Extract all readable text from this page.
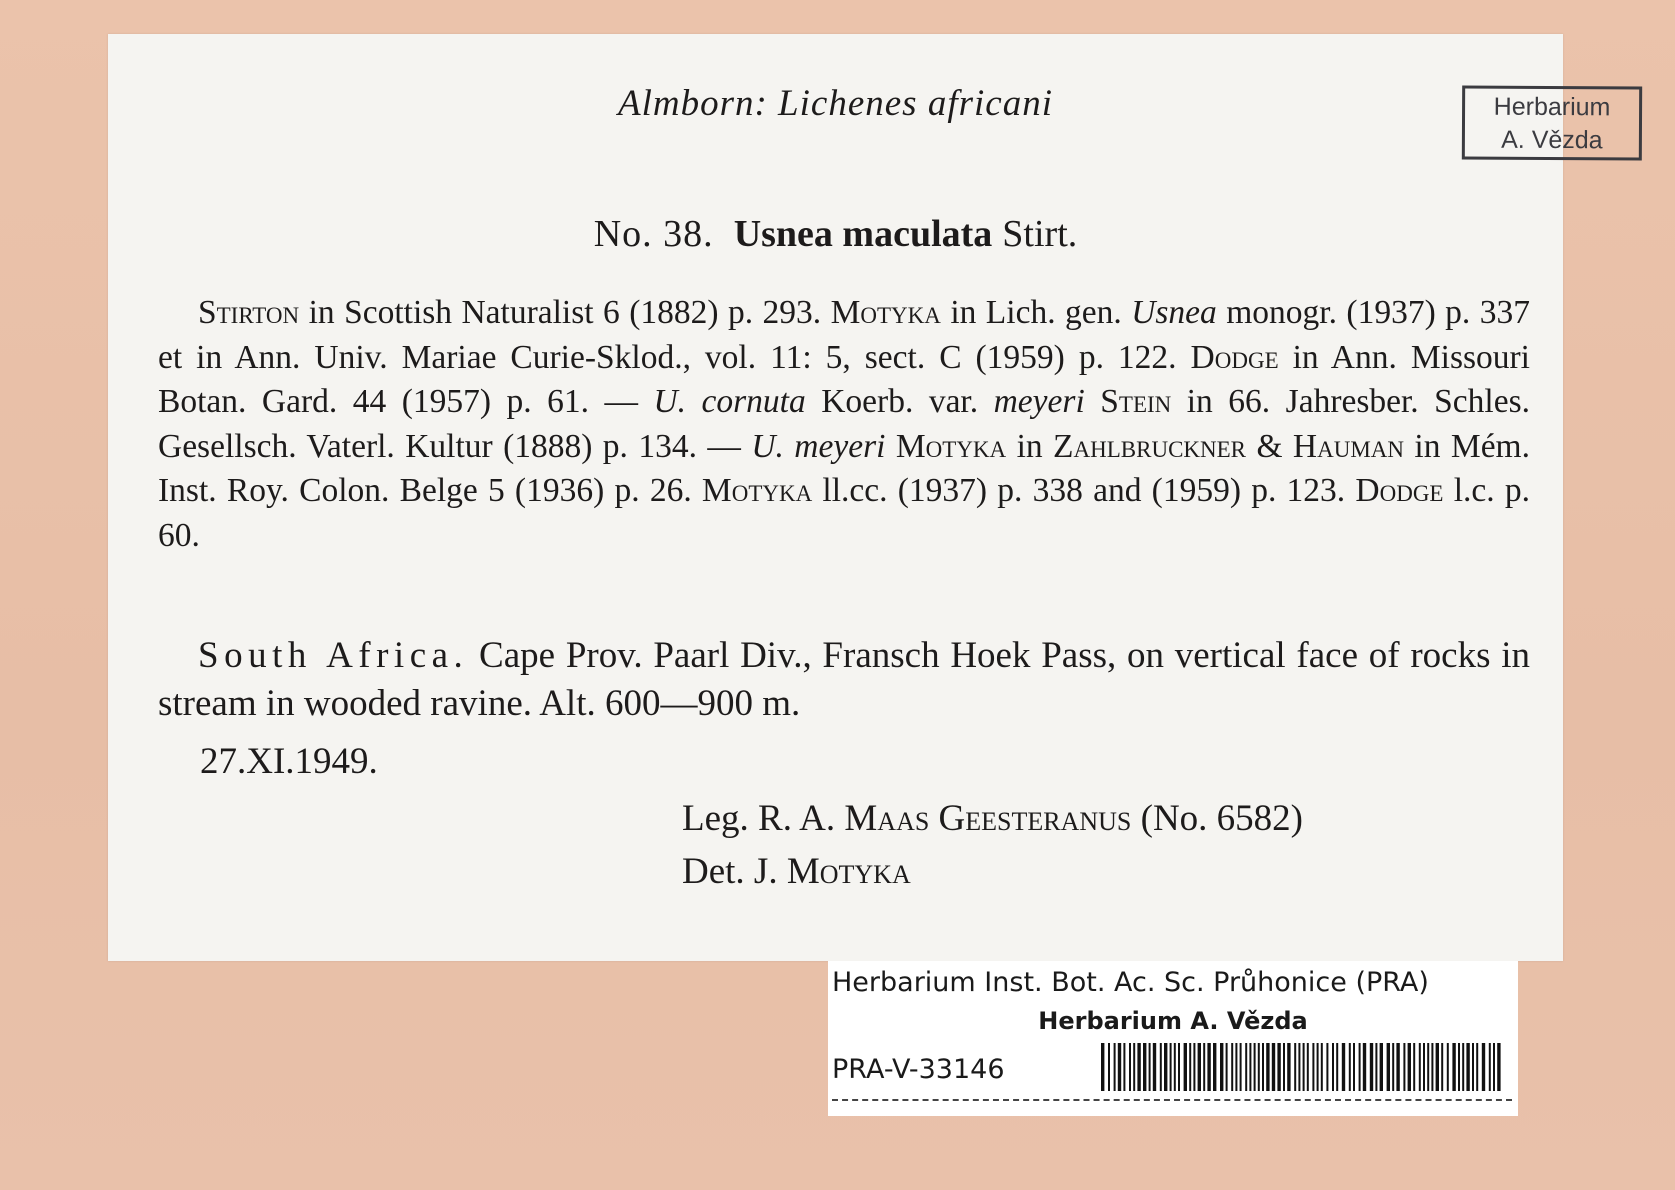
Almborn: Lichenes africani
No. 38. Usnea maculata Stirt.

Stirton in Scottish Naturalist 6 (1882) p. 293. Motyka in Lich. gen. Usnea monogr. (1937) p. 337 et in Ann. Univ. Mariae Curie-Sklod., vol. 11: 5, sect. C (1959) p. 122. Dodge in Ann. Missouri Botan. Gard. 44 (1957) p. 61. — U. cornuta Koerb. var. meyeri Stein in 66. Jahresber. Schles. Gesellsch. Vaterl. Kultur (1888) p. 134. — U. meyeri Motyka in Zahlbruckner & Hauman in Mém. Inst. Roy. Colon. Belge 5 (1936) p. 26. Motyka ll.cc. (1937) p. 338 and (1959) p. 123. Dodge l.c. p. 60.

South Africa. Cape Prov. Paarl Div., Fransch Hoek Pass, on vertical face of rocks in stream in wooded ravine. Alt. 600—900 m.

27.XI.1949.
Leg. R. A. Maas Geesteranus (No. 6582)
Det. J. Motyka
Herbarium
A. Vězda
Herbarium Inst. Bot. Ac. Sc. Průhonice (PRA)
Herbarium A. Vězda
PRA-V-33146
